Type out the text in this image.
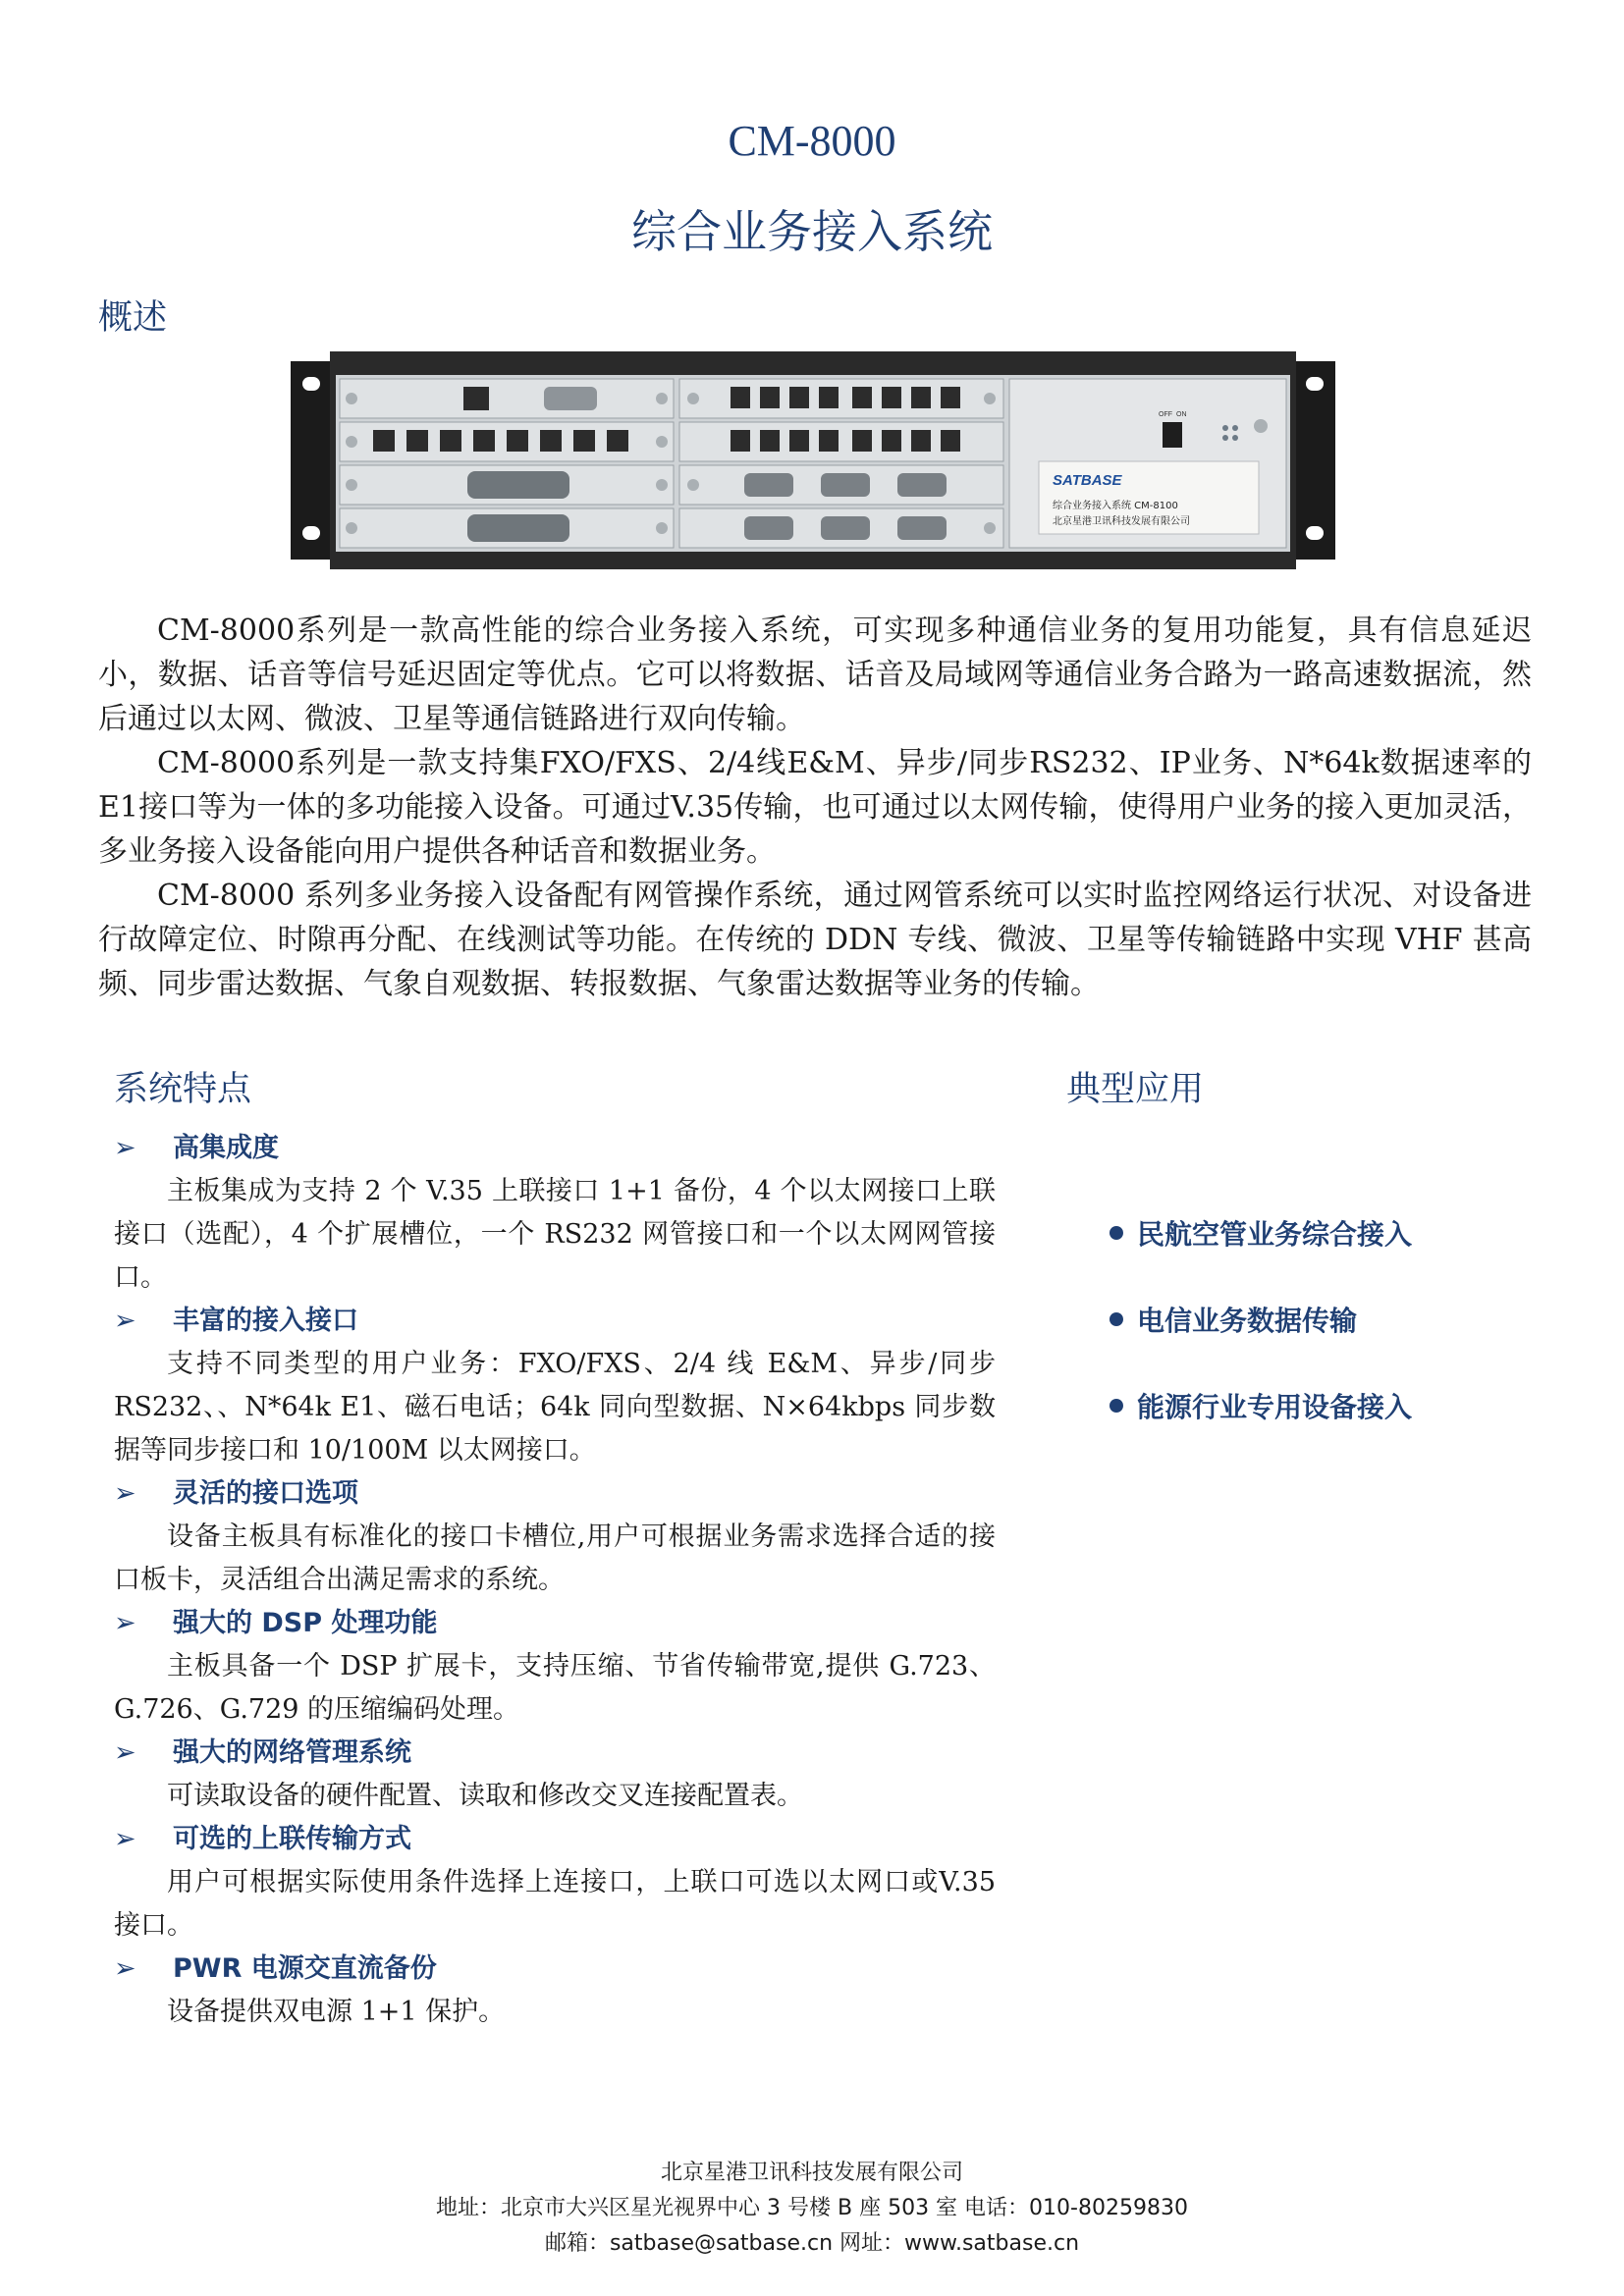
CM-8000
综合业务接入系统
概述
OFF ON
SATBASE
综合业务接入系统 CM-8100
北京星港卫讯科技发展有限公司

CM-8000系列是一款高性能的综合业务接入系统，可实现多种通信业务的复用功能复，具有信息延迟小，数据、话音等信号延迟固定等优点。它可以将数据、话音及局域网等通信业务合路为一路高速数据流，然后通过以太网、微波、卫星等通信链路进行双向传输。

CM-8000系列是一款支持集FXO/FXS、2/4线E&M、异步/同步RS232、IP业务、N*64k数据速率的E1接口等为一体的多功能接入设备。可通过V.35传输，也可通过以太网传输，使得用户业务的接入更加灵活，多业务接入设备能向用户提供各种话音和数据业务。

CM-8000 系列多业务接入设备配有网管操作系统，通过网管系统可以实时监控网络运行状况、对设备进行故障定位、时隙再分配、在线测试等功能。在传统的 DDN 专线、微波、卫星等传输链路中实现 VHF 甚高频、同步雷达数据、气象自观数据、转报数据、气象雷达数据等业务的传输。

系统特点
➢ 高集成度

主板集成为支持 2 个 V.35 上联接口 1+1 备份，4 个以太网接口上联接口（选配），4 个扩展槽位，一个 RS232 网管接口和一个以太网网管接口。

➢ 丰富的接入接口

支持不同类型的用户业务：FXO/FXS、2/4 线 E&M、异步/同步RS232、、N*64k E1、磁石电话；64k 同向型数据、N×64kbps 同步数据等同步接口和 10/100M 以太网接口。

➢ 灵活的接口选项

设备主板具有标准化的接口卡槽位,用户可根据业务需求选择合适的接口板卡，灵活组合出满足需求的系统。

➢ 强大的 DSP 处理功能

主板具备一个 DSP 扩展卡，支持压缩、节省传输带宽,提供 G.723、G.726、G.729 的压缩编码处理。

➢ 强大的网络管理系统

可读取设备的硬件配置、读取和修改交叉连接配置表。

➢ 可选的上联传输方式

用户可根据实际使用条件选择上连接口，上联口可选以太网口或V.35 接口。

➢ PWR 电源交直流备份

设备提供双电源 1+1 保护。

典型应用
民航空管业务综合接入
电信业务数据传输
能源行业专用设备接入
北京星港卫讯科技发展有限公司
地址：北京市大兴区星光视界中心 3 号楼 B 座 503 室 电话：010-80259830
邮箱：satbase@satbase.cn 网址：www.satbase.cn
